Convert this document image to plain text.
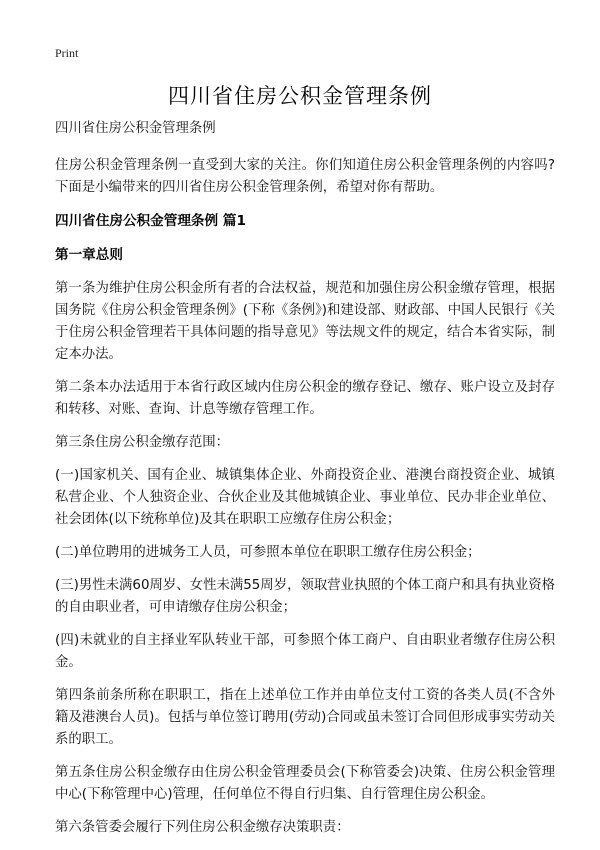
Print
四川省住房公积金管理条例

四川省住房公积金管理条例

住房公积金管理条例一直受到大家的关注。你们知道住房公积金管理条例的内容吗?下面是小编带来的四川省住房公积金管理条例，希望对你有帮助。

四川省住房公积金管理条例 篇1
第一章总则

第一条为维护住房公积金所有者的合法权益，规范和加强住房公积金缴存管理，根据国务院《住房公积金管理条例》(下称《条例》)和建设部、财政部、中国人民银行《关于住房公积金管理若干具体问题的指导意见》等法规文件的规定，结合本省实际，制定本办法。

第二条本办法适用于本省行政区域内住房公积金的缴存登记、缴存、账户设立及封存和转移、对账、查询、计息等缴存管理工作。

第三条住房公积金缴存范围：

(一)国家机关、国有企业、城镇集体企业、外商投资企业、港澳台商投资企业、城镇私营企业、个人独资企业、合伙企业及其他城镇企业、事业单位、民办非企业单位、社会团体(以下统称单位)及其在职职工应缴存住房公积金；

(二)单位聘用的进城务工人员，可参照本单位在职职工缴存住房公积金；

(三)男性未满60周岁、女性未满55周岁，领取营业执照的个体工商户和具有执业资格的自由职业者，可申请缴存住房公积金；

(四)未就业的自主择业军队转业干部，可参照个体工商户、自由职业者缴存住房公积金。

第四条前条所称在职职工，指在上述单位工作并由单位支付工资的各类人员(不含外籍及港澳台人员)。包括与单位签订聘用(劳动)合同或虽未签订合同但形成事实劳动关系的职工。

第五条住房公积金缴存由住房公积金管理委员会(下称管委会)决策、住房公积金管理中心(下称管理中心)管理，任何单位不得自行归集、自行管理住房公积金。

第六条管委会履行下列住房公积金缴存决策职责：
